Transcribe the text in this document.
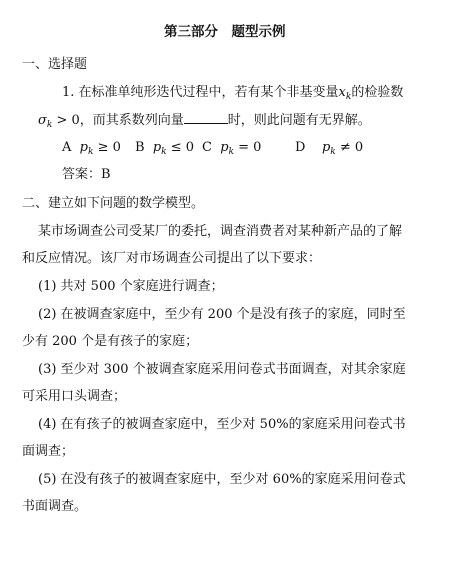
第三部分　题型示例
一、选择题
1. 在标准单纯形迭代过程中，若有某个非基变量$x_k$的检验数
$\sigma_k > 0$，而其系数列向量	时，则此问题有无界解。
A $p_k \ge 0$ B $p_k \le 0$ C $p_k = 0$	D $p_k \ne 0$
答案：B
二、建立如下问题的数学模型。
某市场调查公司受某厂的委托，调查消费者对某种新产品的了解
和反应情况。该厂对市场调查公司提出了以下要求：
(1) 共对 500 个家庭进行调查；
(2) 在被调查家庭中，至少有 200 个是没有孩子的家庭，同时至
少有 200 个是有孩子的家庭；
(3) 至少对 300 个被调查家庭采用问卷式书面调查，对其余家庭
可采用口头调查；
(4) 在有孩子的被调查家庭中，至少对 50%的家庭采用问卷式书
面调查；
(5) 在没有孩子的被调查家庭中，至少对 60%的家庭采用问卷式
书面调查。
